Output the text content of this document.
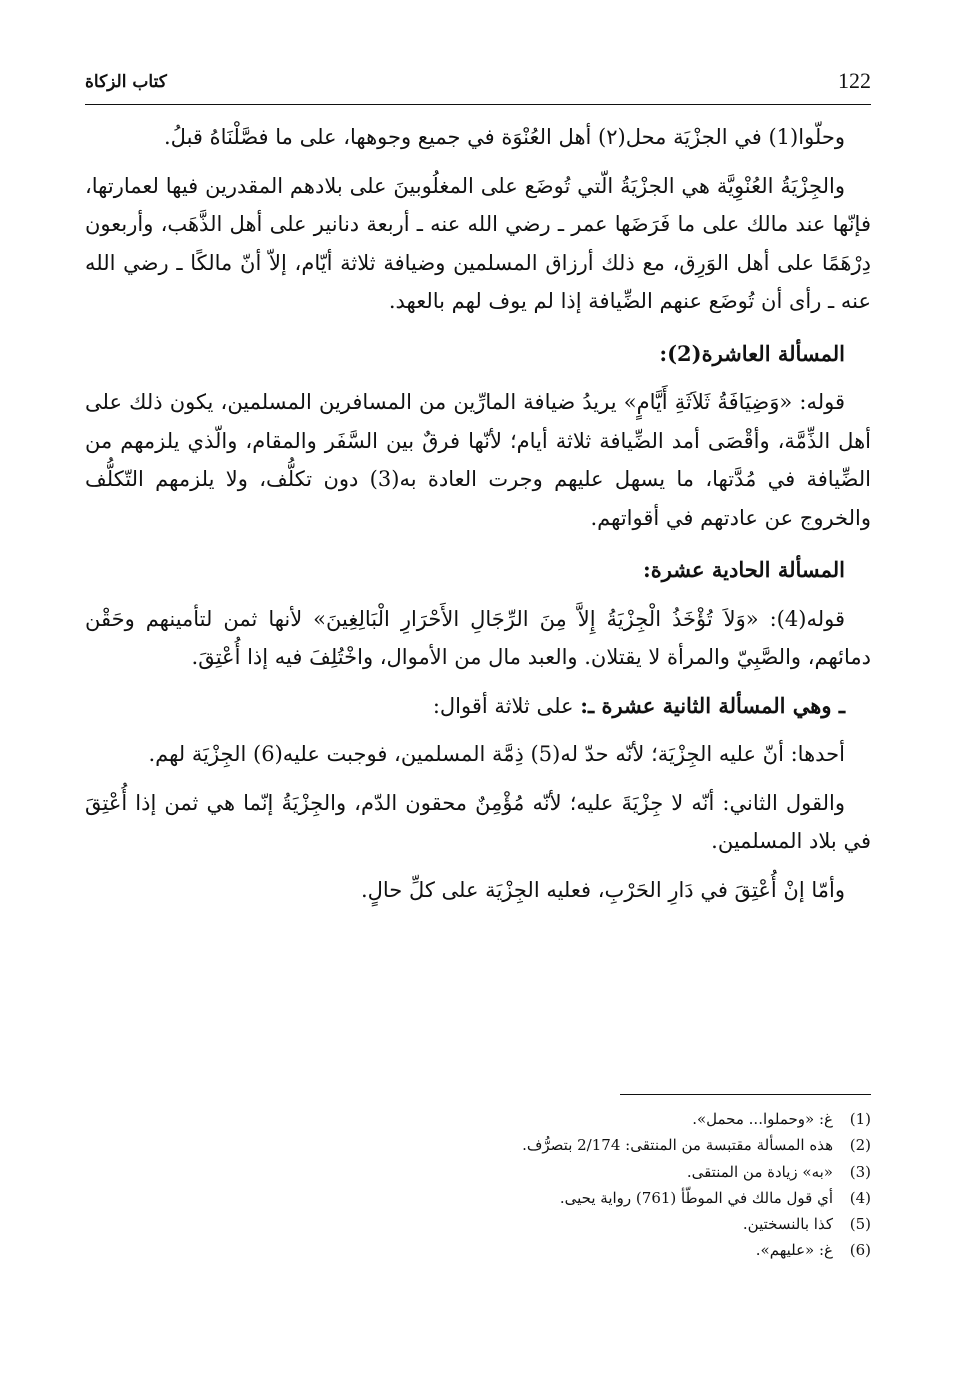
122
كتاب الزكاة

وحلّوا(1) في الجزْيَة محل(٢) أهل العُنْوَة في جميع وجوهها، على ما فصَّلْنَاهُ قبلُ.

والجِزْيَةُ العُنْوِيَّة هي الجزْيَةُ الّتي تُوضَع على المغلُوبينَ على بلادهم المقدرين فيها لعمارتها، فإنّها عند مالك على ما فَرَضَها عمر ـ رضي الله عنه ـ أربعة دنانير على أهل الذَّهَب، وأربعون دِرْهَمًا على أهل الوَرِق، مع ذلك أرزاق المسلمين وضيافة ثلاثة أيّام، إلاّ أنّ مالكًا ـ رضي الله عنه ـ رأى أن تُوضَع عنهم الضِّيافة إذا لم يوف لهم بالعهد.

المسألة العاشرة(2):

قوله: «وَضِيَافَةُ ثَلاَثَةِ أَيَّامٍ» يريدُ ضيافة المارِّين من المسافرين المسلمين، يكون ذلك على أهل الذِّمَّة، وأقْصَى أمد الضِّيافة ثلاثة أيام؛ لأنّها فرقٌ بين السَّفَر والمقام، والّذي يلزمهم من الضِّيافة في مُدَّتها، ما يسهل عليهم وجرت العادة به(3) دون تكلُّف، ولا يلزمهم التّكلُّف والخروج عن عادتهم في أقواتهم.

المسألة الحادية عشرة:

قوله(4): «وَلاَ تُؤْخَذُ الْجِزْيَةُ إِلاَّ مِنَ الرِّجَالِ الأَحْرَارِ الْبَالِغِينَ» لأنها ثمن لتأمينهم وحَقْن دمائهم، والصَّبِيّ والمرأة لا يقتلان. والعبد مال من الأموال، واخْتُلِفَ فيه إذا أُعْتِقَ.

ـ وهي المسألة الثانية عشرة ـ: على ثلاثة أقوال:

أحدها: أنّ عليه الجِزْيَة؛ لأنّه حدّ له(5) ذِمَّة المسلمين، فوجبت عليه(6) الجِزْيَة لهم.

والقول الثاني: أنّه لا جِزْيَةَ عليه؛ لأنّه مُؤْمِنٌ محقون الدّم، والجِزْيَةُ إنّما هي ثمن إذا أُعْتِقَ في بلاد المسلمين.

وأمّا إنْ أُعْتِقَ في دَارِ الحَرْبِ، فعليه الجِزْيَة على كلِّ حالٍ.

(1)
غ: «وحملوا... محمل».
(2)
هذه المسألة مقتبسة من المنتقى: 2/174 بتصرُّف.
(3)
«به» زيادة من المنتقى.
(4)
أي قول مالك في الموطّأ (761) رواية يحيى.
(5)
كذا بالنسختين.
(6)
غ: «عليهم».
